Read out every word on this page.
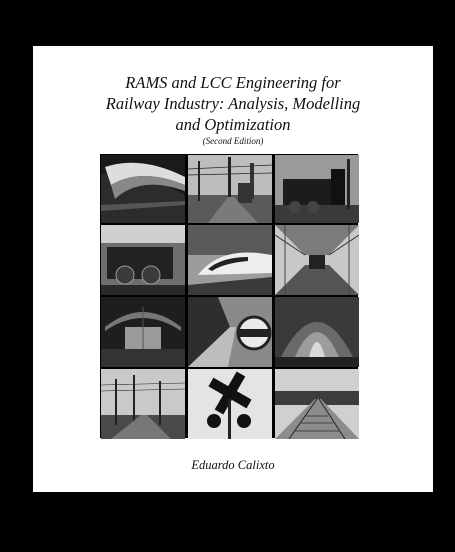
RAMS and LCC Engineering for
Railway Industry: Analysis, Modelling
and Optimization
(Second Edition)
Eduardo Calixto
